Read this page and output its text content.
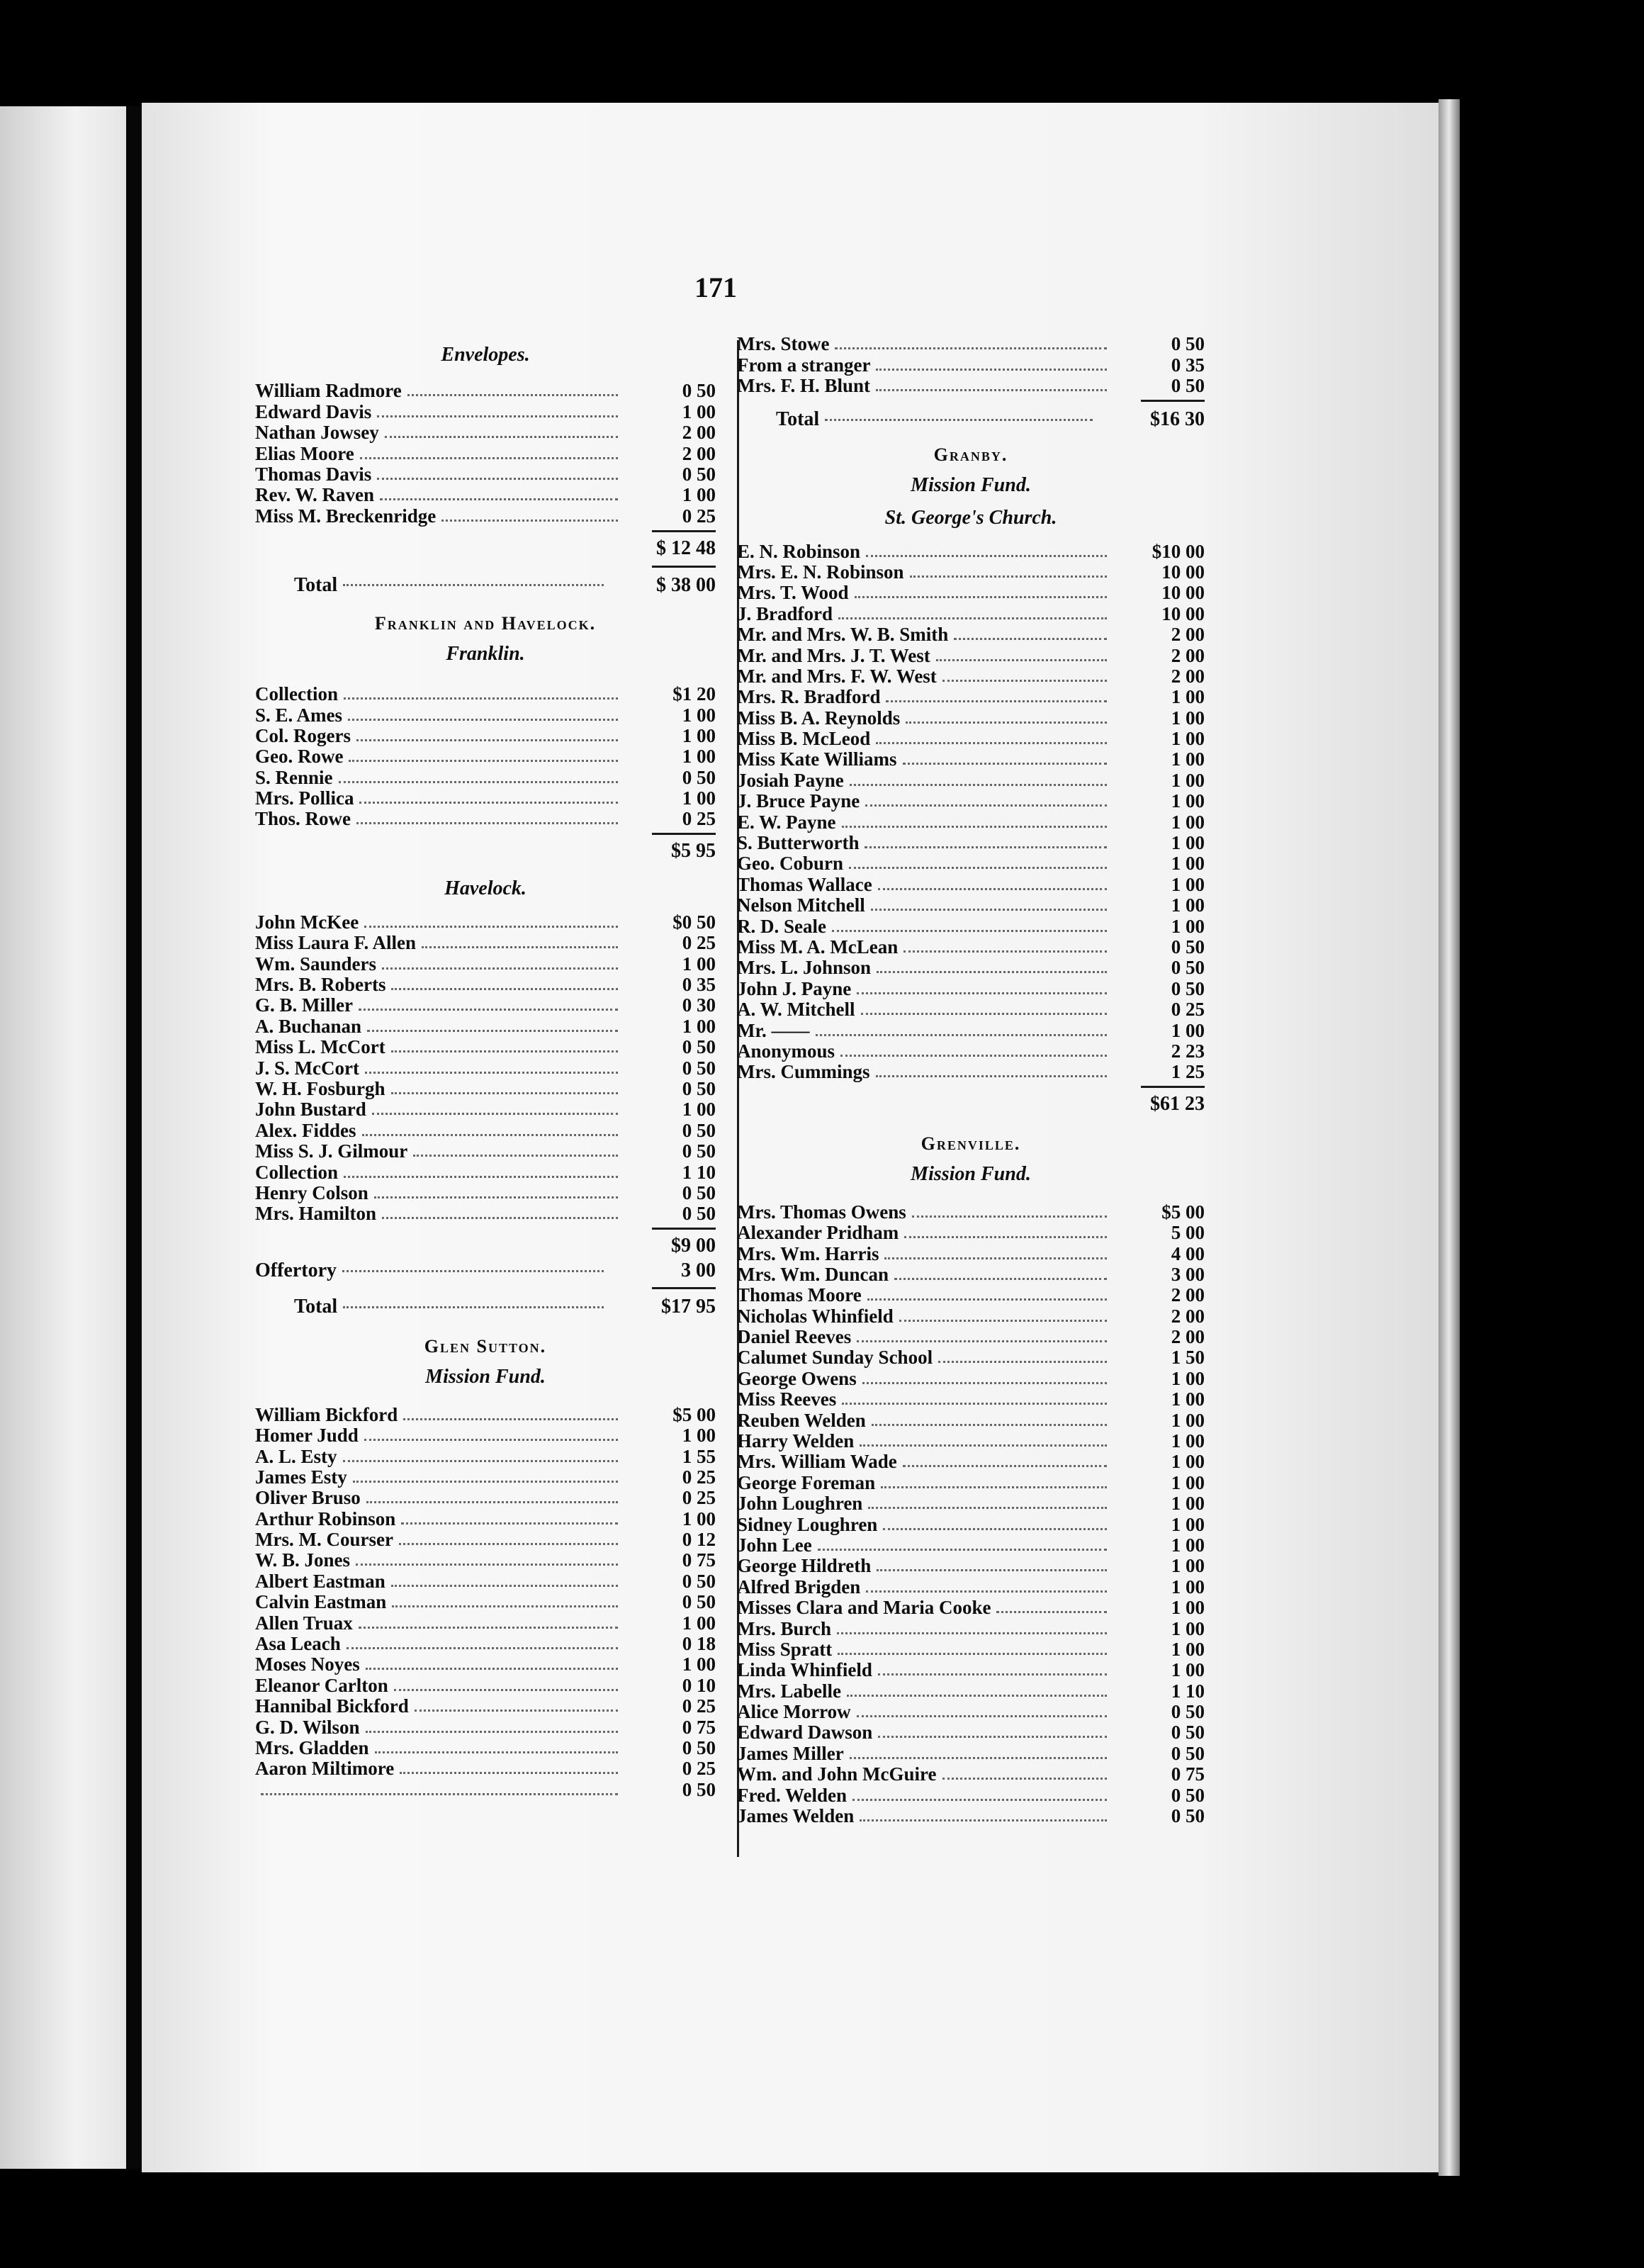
171
Envelopes.
William Radmore	0 50
Edward Davis	1 00
Nathan Jowsey	2 00
Elias Moore	2 00
Thomas Davis	0 50
Rev. W. Raven	1 00
Miss M. Breckenridge	0 25
$ 12 48
Total	$ 38 00
Franklin and Havelock.
Franklin.
Collection	$1 20
S. E. Ames	1 00
Col. Rogers	1 00
Geo. Rowe	1 00
S. Rennie	0 50
Mrs. Pollica	1 00
Thos. Rowe	0 25
$5 95
Havelock.
John McKee	$0 50
Miss Laura F. Allen	0 25
Wm. Saunders	1 00
Mrs. B. Roberts	0 35
G. B. Miller	0 30
A. Buchanan	1 00
Miss L. McCort	0 50
J. S. McCort	0 50
W. H. Fosburgh	0 50
John Bustard	1 00
Alex. Fiddes	0 50
Miss S. J. Gilmour	0 50
Collection	1 10
Henry Colson	0 50
Mrs. Hamilton	0 50
$9 00
Offertory	3 00
Total	$17 95
Glen Sutton.
Mission Fund.
William Bickford	$5 00
Homer Judd	1 00
A. L. Esty	1 55
James Esty	0 25
Oliver Bruso	0 25
Arthur Robinson	1 00
Mrs. M. Courser	0 12
W. B. Jones	0 75
Albert Eastman	0 50
Calvin Eastman	0 50
Allen Truax	1 00
Asa Leach	0 18
Moses Noyes	1 00
Eleanor Carlton	0 10
Hannibal Bickford	0 25
G. D. Wilson	0 75
Mrs. Gladden	0 50
Aaron Miltimore	0 25
0 50
Mrs. Stowe	0 50
From a stranger	0 35
Mrs. F. H. Blunt	0 50
Total	$16 30
Granby.
Mission Fund.
St. George's Church.
E. N. Robinson	$10 00
Mrs. E. N. Robinson	10 00
Mrs. T. Wood	10 00
J. Bradford	10 00
Mr. and Mrs. W. B. Smith	2 00
Mr. and Mrs. J. T. West	2 00
Mr. and Mrs. F. W. West	2 00
Mrs. R. Bradford	1 00
Miss B. A. Reynolds	1 00
Miss B. McLeod	1 00
Miss Kate Williams	1 00
Josiah Payne	1 00
J. Bruce Payne	1 00
E. W. Payne	1 00
S. Butterworth	1 00
Geo. Coburn	1 00
Thomas Wallace	1 00
Nelson Mitchell	1 00
R. D. Seale	1 00
Miss M. A. McLean	0 50
Mrs. L. Johnson	0 50
John J. Payne	0 50
A. W. Mitchell	0 25
Mr. ——	1 00
Anonymous	2 23
Mrs. Cummings	1 25
$61 23
Grenville.
Mission Fund.
Mrs. Thomas Owens	$5 00
Alexander Pridham	5 00
Mrs. Wm. Harris	4 00
Mrs. Wm. Duncan	3 00
Thomas Moore	2 00
Nicholas Whinfield	2 00
Daniel Reeves	2 00
Calumet Sunday School	1 50
George Owens	1 00
Miss Reeves	1 00
Reuben Welden	1 00
Harry Welden	1 00
Mrs. William Wade	1 00
George Foreman	1 00
John Loughren	1 00
Sidney Loughren	1 00
John Lee	1 00
George Hildreth	1 00
Alfred Brigden	1 00
Misses Clara and Maria Cooke	1 00
Mrs. Burch	1 00
Miss Spratt	1 00
Linda Whinfield	1 00
Mrs. Labelle	1 10
Alice Morrow	0 50
Edward Dawson	0 50
James Miller	0 50
Wm. and John McGuire	0 75
Fred. Welden	0 50
James Welden	0 50
